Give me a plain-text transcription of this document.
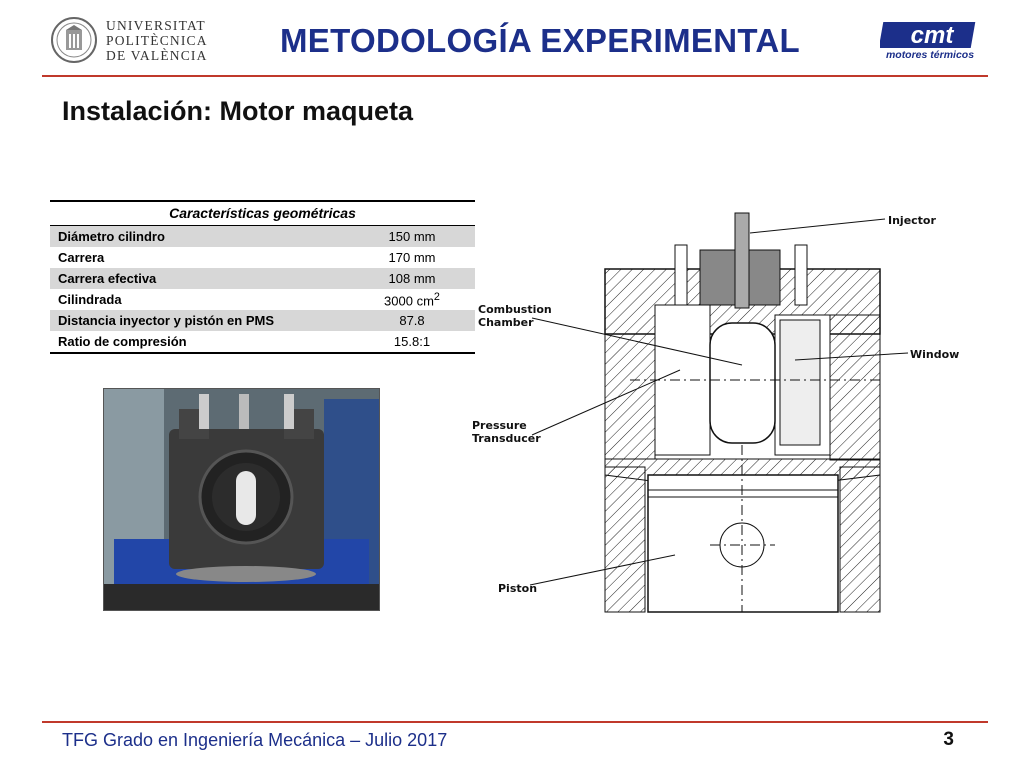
UNIVERSITAT
POLITÈCNICA
DE VALÈNCIA	METODOLOGÍA EXPERIMENTAL	cmt
motores térmicos
Instalación: Motor maqueta
Características geométricas	
Diámetro cilindro	150 mm
Carrera	170 mm
Carrera efectiva	108 mm
Cilindrada	3000 $cm^2$
Distancia inyector y pistón en PMS	87.8
Ratio de compresión	15.8:1
Injector
Combustion
Chamber
Window
Pressure
Transducer
Piston
TFG Grado en Ingeniería Mecánica – Julio 2017	3
